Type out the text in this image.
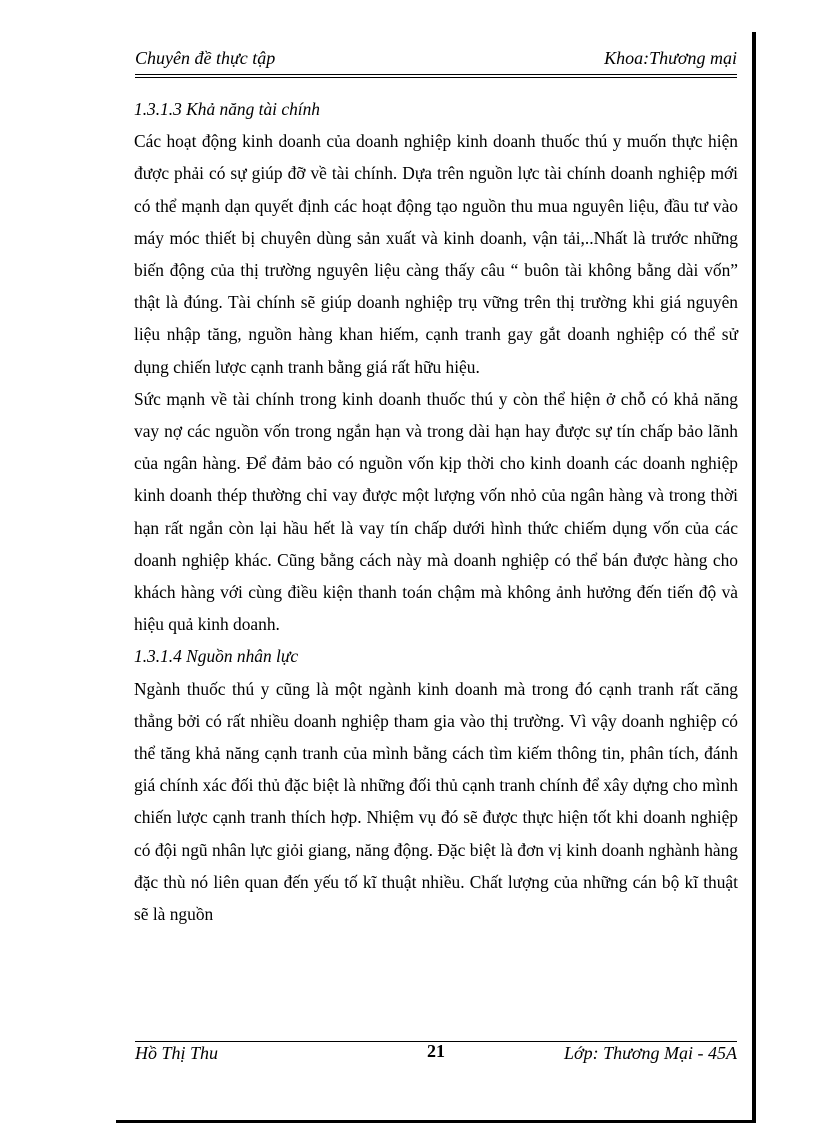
Chuyên đề thực tập	Khoa:Thương mại
1.3.1.3 Khả năng tài chính

Các hoạt động kinh doanh của doanh nghiệp kinh doanh thuốc thú y muốn thực hiện được phải có sự giúp đỡ về tài chính. Dựa trên nguồn lực tài chính doanh nghiệp mới có thể mạnh dạn quyết định các hoạt động tạo nguồn thu mua nguyên liệu, đầu tư vào máy móc thiết bị chuyên dùng sản xuất và kinh doanh, vận tải,..Nhất là trước những biến động của thị trường nguyên liệu càng thấy câu “ buôn tài không bằng dài vốn” thật là đúng. Tài chính sẽ giúp doanh nghiệp trụ vững trên thị trường khi giá nguyên liệu nhập tăng, nguồn hàng khan hiếm, cạnh tranh gay gắt doanh nghiệp có thể sử dụng chiến lược cạnh tranh bằng giá rất hữu hiệu.

Sức mạnh về tài chính trong kinh doanh thuốc thú y còn thể hiện ở chỗ có khả năng vay nợ các nguồn vốn trong ngắn hạn và trong dài hạn hay được sự tín chấp bảo lãnh của ngân hàng. Để đảm bảo có nguồn vốn kịp thời cho kinh doanh các doanh nghiệp kinh doanh thép thường chỉ vay được một lượng vốn nhỏ của ngân hàng và trong thời hạn rất ngắn còn lại hầu hết là vay tín chấp dưới hình thức chiếm dụng vốn của các doanh nghiệp khác. Cũng bằng cách này mà doanh nghiệp có thể bán được hàng cho khách hàng với cùng điều kiện thanh toán chậm mà không ảnh hưởng đến tiến độ và hiệu quả kinh doanh.

1.3.1.4 Nguồn nhân lực

Ngành thuốc thú y cũng là một ngành kinh doanh mà trong đó cạnh tranh rất căng thẳng bởi có rất nhiều doanh nghiệp tham gia vào thị trường. Vì vậy doanh nghiệp có thể tăng khả năng cạnh tranh của mình bằng cách tìm kiếm thông tin, phân tích, đánh giá chính xác đối thủ đặc biệt là những đối thủ cạnh tranh chính để xây dựng cho mình chiến lược cạnh tranh thích hợp. Nhiệm vụ đó sẽ được thực hiện tốt khi doanh nghiệp có đội ngũ nhân lực giỏi giang, năng động. Đặc biệt là đơn vị kinh doanh nghành hàng đặc thù nó liên quan đến yếu tố kĩ thuật nhiều. Chất lượng của những cán bộ kĩ thuật sẽ là nguồn

Hồ Thị Thu	21	Lớp: Thương Mại - 45A
